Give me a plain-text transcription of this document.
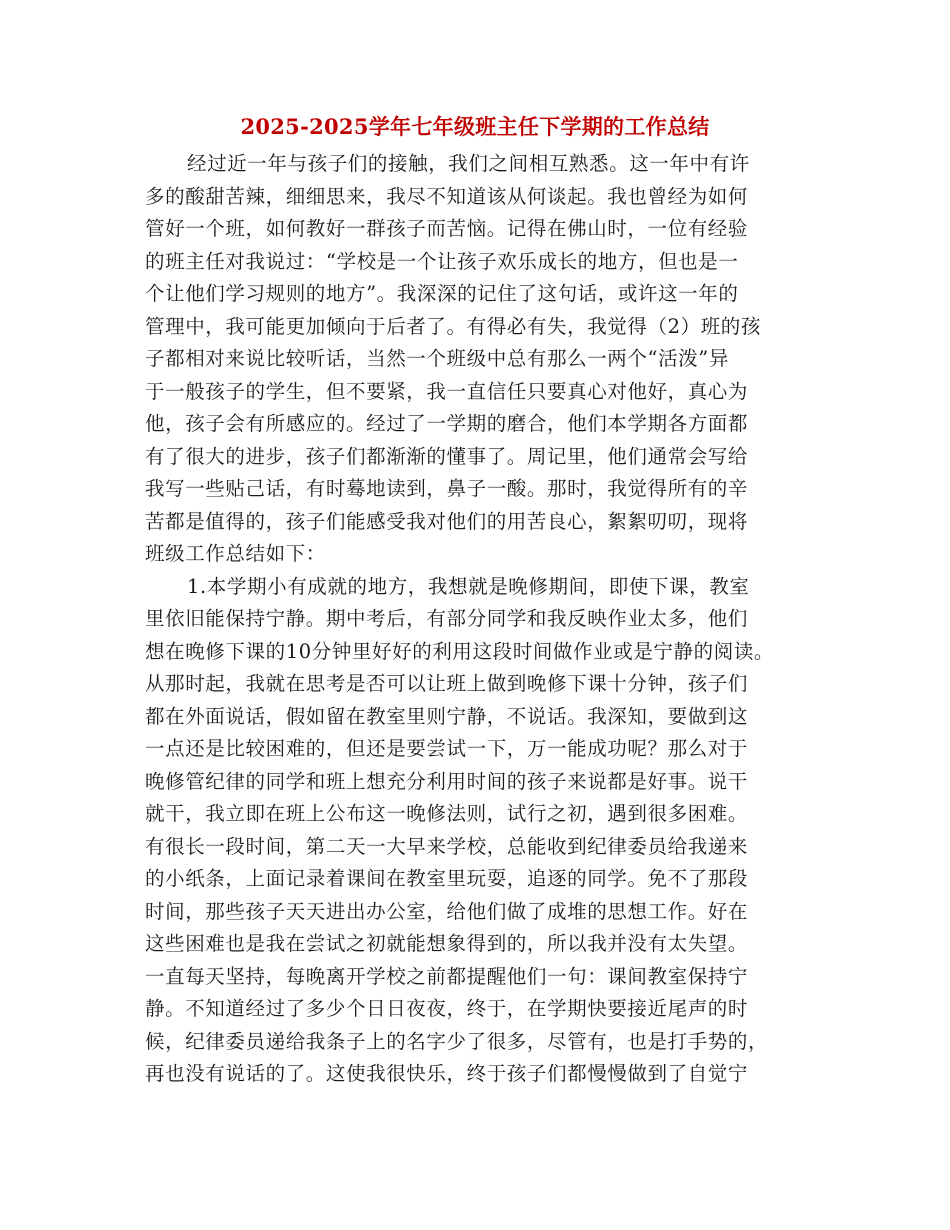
2025-2025学年七年级班主任下学期的工作总结
经过近一年与孩子们的接触，我们之间相互熟悉。这一年中有许
多的酸甜苦辣，细细思来，我尽不知道该从何谈起。我也曾经为如何
管好一个班，如何教好一群孩子而苦恼。记得在佛山时，一位有经验
的班主任对我说过：“学校是一个让孩子欢乐成长的地方，但也是一
个让他们学习规则的地方”。我深深的记住了这句话，或许这一年的
管理中，我可能更加倾向于后者了。有得必有失，我觉得（2）班的孩
子都相对来说比较听话，当然一个班级中总有那么一两个“活泼”异
于一般孩子的学生，但不要紧，我一直信任只要真心对他好，真心为
他，孩子会有所感应的。经过了一学期的磨合，他们本学期各方面都
有了很大的进步，孩子们都渐渐的懂事了。周记里，他们通常会写给
我写一些贴己话，有时蓦地读到，鼻子一酸。那时，我觉得所有的辛
苦都是值得的，孩子们能感受我对他们的用苦良心，絮絮叨叨，现将
班级工作总结如下：
1.本学期小有成就的地方，我想就是晚修期间，即使下课，教室
里依旧能保持宁静。期中考后，有部分同学和我反映作业太多，他们
想在晚修下课的10分钟里好好的利用这段时间做作业或是宁静的阅读。
从那时起，我就在思考是否可以让班上做到晚修下课十分钟，孩子们
都在外面说话，假如留在教室里则宁静，不说话。我深知，要做到这
一点还是比较困难的，但还是要尝试一下，万一能成功呢？那么对于
晚修管纪律的同学和班上想充分利用时间的孩子来说都是好事。说干
就干，我立即在班上公布这一晚修法则，试行之初，遇到很多困难。
有很长一段时间，第二天一大早来学校，总能收到纪律委员给我递来
的小纸条，上面记录着课间在教室里玩耍，追逐的同学。免不了那段
时间，那些孩子天天进出办公室，给他们做了成堆的思想工作。好在
这些困难也是我在尝试之初就能想象得到的，所以我并没有太失望。
一直每天坚持，每晚离开学校之前都提醒他们一句：课间教室保持宁
静。不知道经过了多少个日日夜夜，终于，在学期快要接近尾声的时
候，纪律委员递给我条子上的名字少了很多，尽管有，也是打手势的，
再也没有说话的了。这使我很快乐，终于孩子们都慢慢做到了自觉宁
